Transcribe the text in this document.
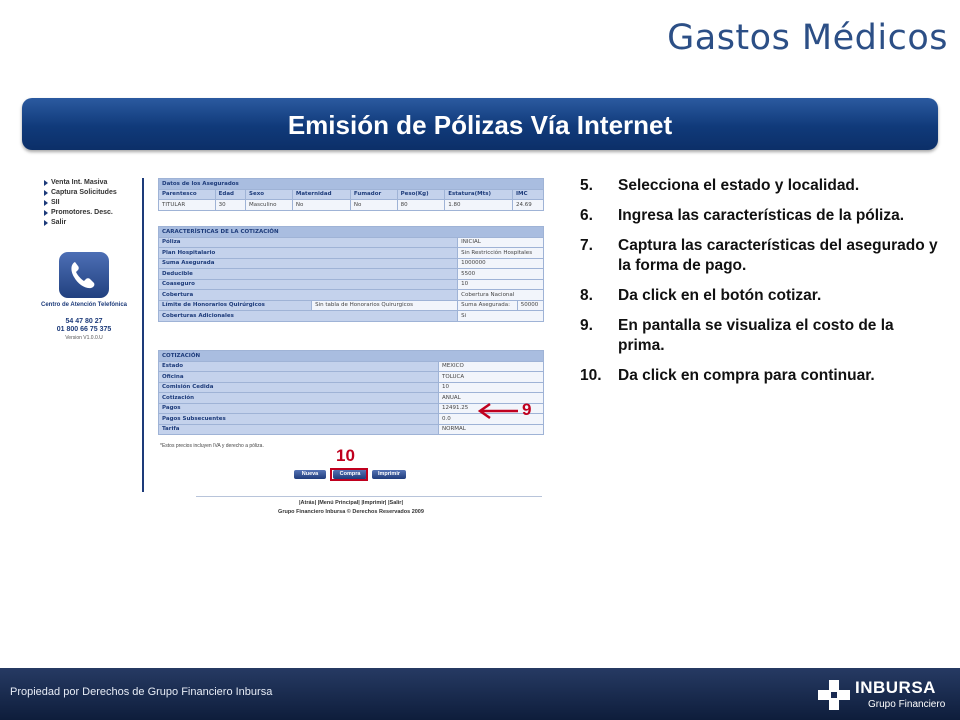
Gastos Médicos
Emisión de Pólizas Vía Internet
Venta Int. Masiva
Captura Solicitudes
SII
Promotores. Desc.
Salir
Centro de Atención Telefónica
54 47 80 27
01 800 66 75 375
Version V1.0.0.U
Datos de los Asegurados							
Parentesco	Edad	Sexo	Maternidad	Fumador	Peso(Kg)	Estatura(Mts)	IMC
TITULAR	30	Masculino	No	No	80	1.80	24.69
CARACTERÍSTICAS DE LA COTIZACIÓN			
Póliza		INICIAL	
Plan Hospitalario		Sin Restricción Hospitales	
Suma Asegurada		1000000	
Deducible		5500	
Coaseguro		10	
Cobertura		Cobertura Nacional	
Límite de Honorarios Quirúrgicos	Sin tabla de Honorarios Quirurgicos	Suma Asegurada:	50000
Coberturas Adicionales		Si	
COTIZACIÓN	
Estado	MEXICO
Oficina	TOLUCA
Comisión Cedida	10
Cotización	ANUAL
Pagos	12491.25
Pagos Subsecuentes	0.0
Tarifa	NORMAL
*Estos precios incluyen IVA y derecho a póliza.	10
Nueva	Compra	Imprimir
9
|Atrás| |Menú Principal| |Imprimir| |Salir|
Grupo Financiero Inbursa © Derechos Reservados 2009
5.	Selecciona el estado y localidad.
6.	Ingresa las características de la póliza.
7.	Captura las características del asegurado y la forma de pago.
8.	Da click en el botón cotizar.
9.	En pantalla se visualiza el costo de la prima.
10.	Da click en compra para continuar.
Propiedad por Derechos de Grupo Financiero Inbursa	INBURSA
Grupo Financiero
